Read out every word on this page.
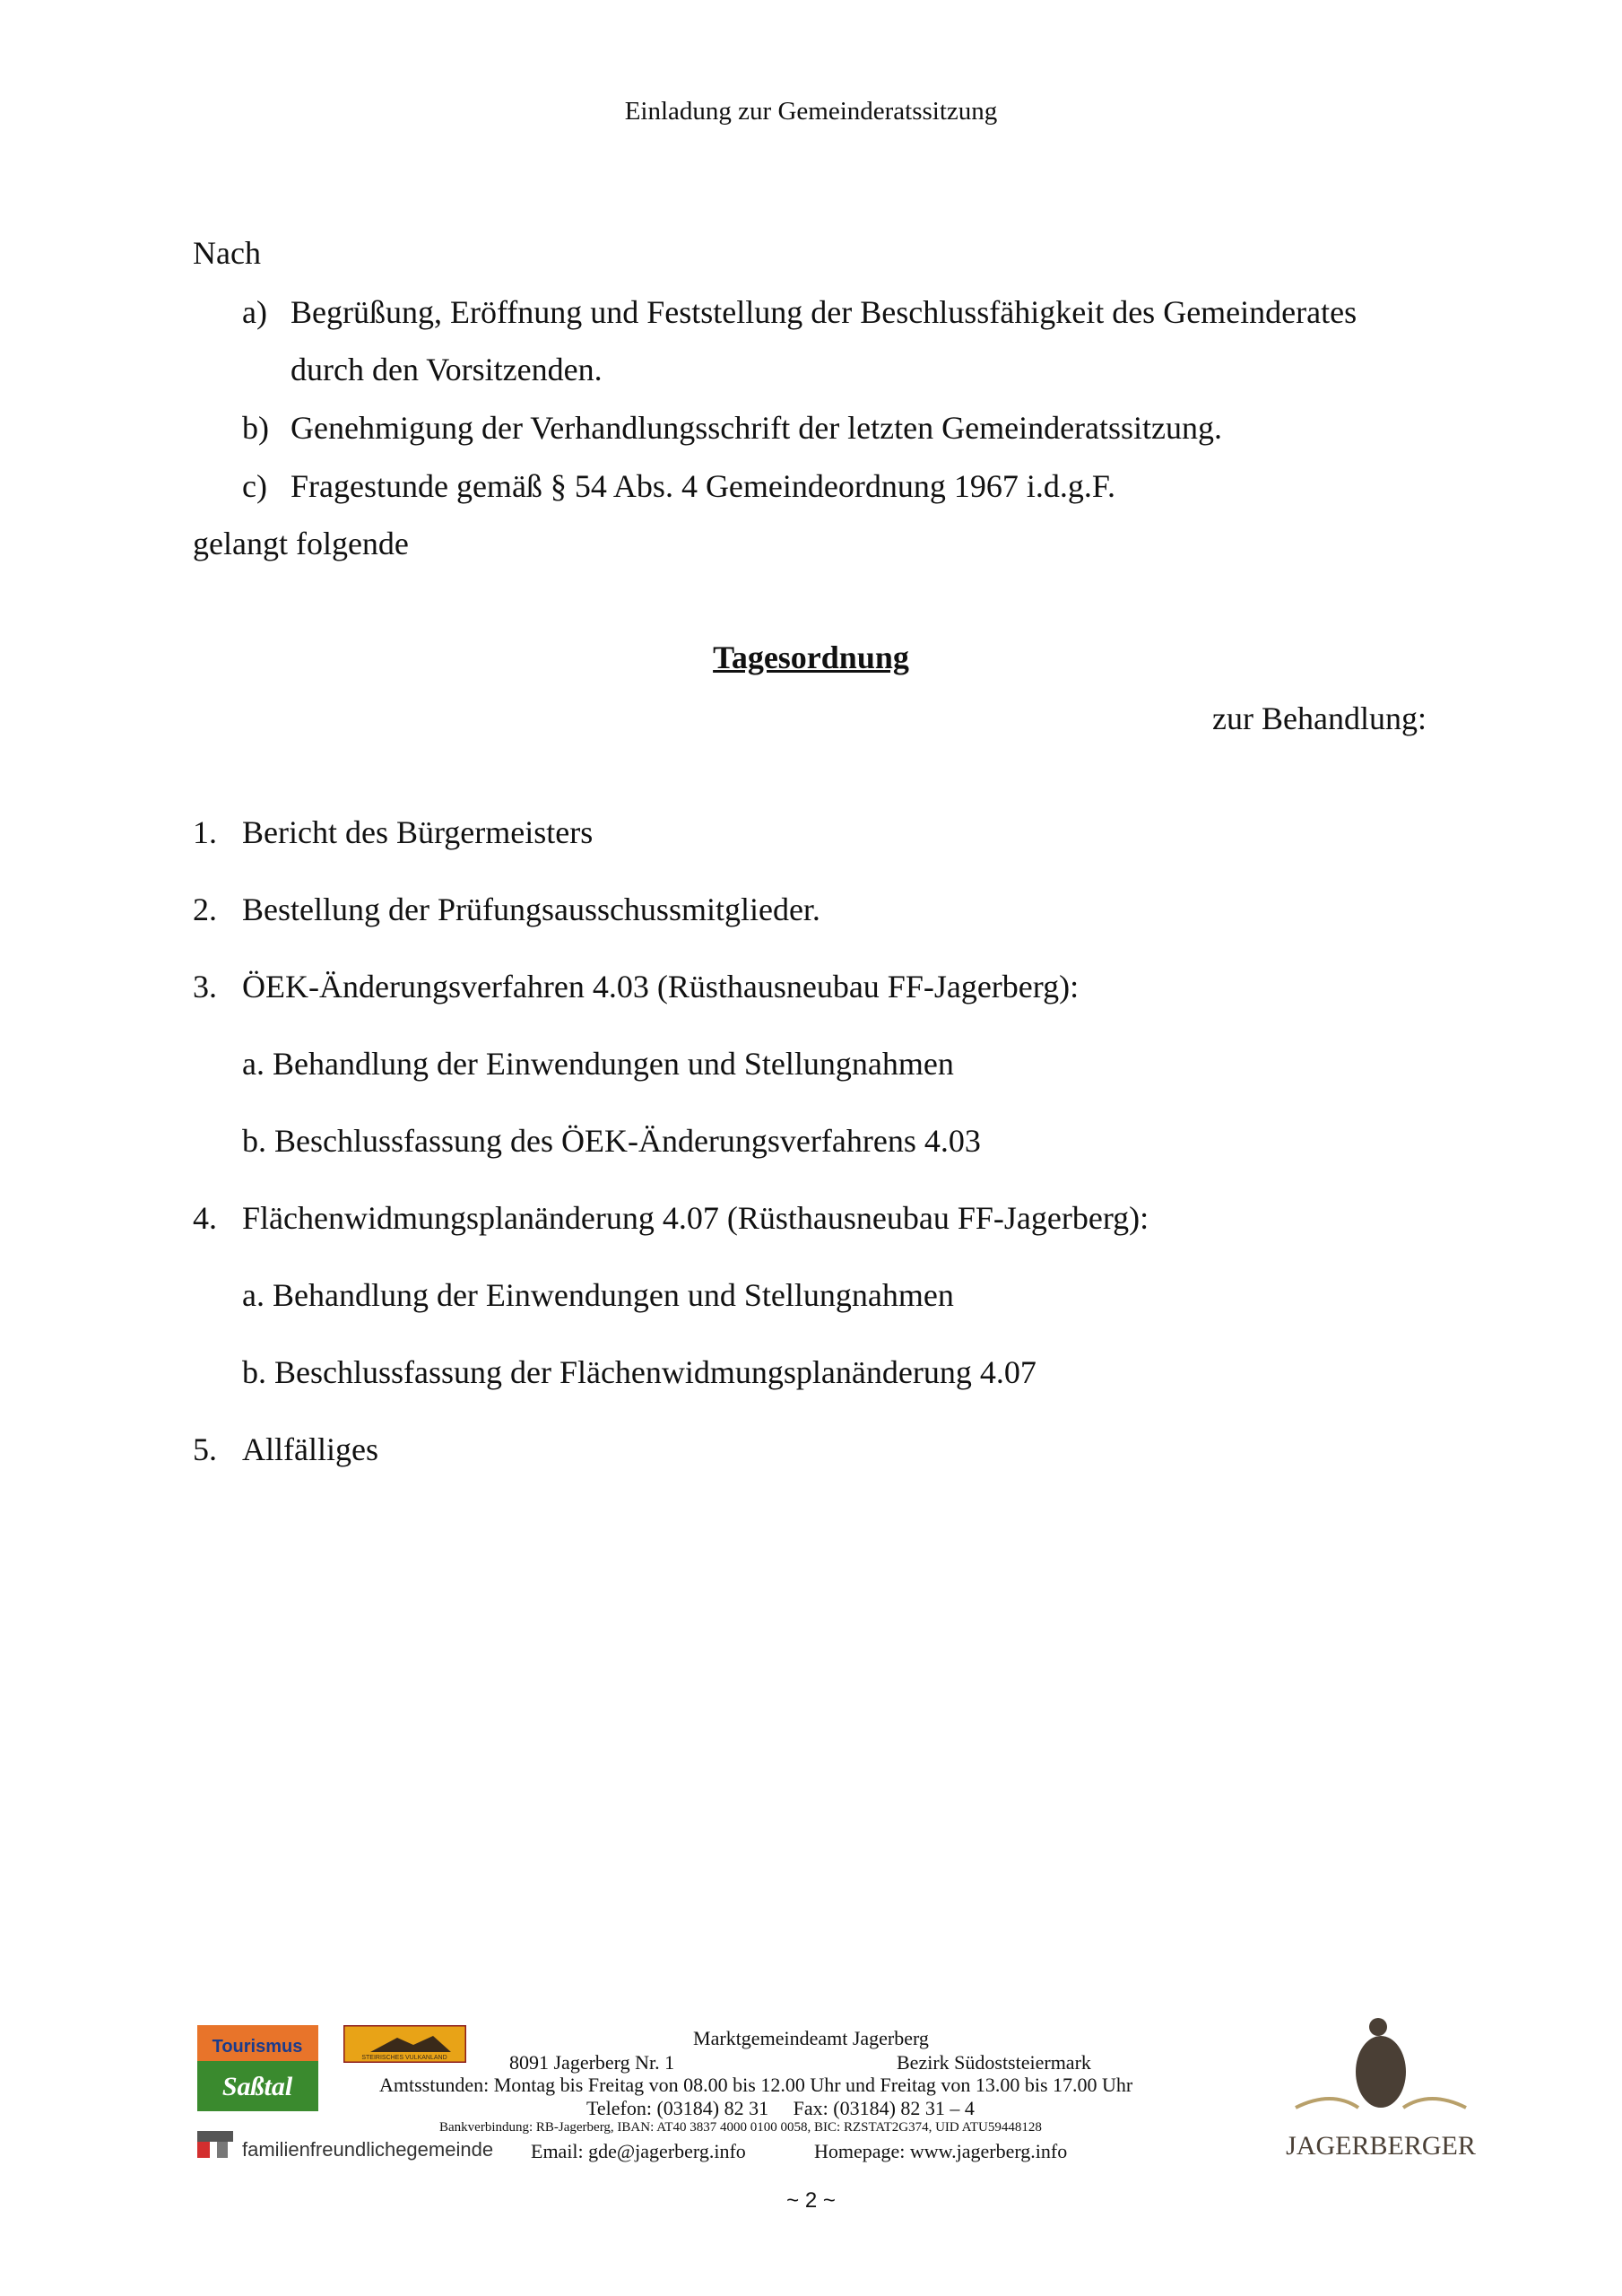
Einladung zur Gemeinderatssitzung
Nach
a) Begrüßung, Eröffnung und Feststellung der Beschlussfähigkeit des Gemeinderates
durch den Vorsitzenden.
b) Genehmigung der Verhandlungsschrift der letzten Gemeinderatssitzung.
c) Fragestunde gemäß § 54 Abs. 4 Gemeindeordnung 1967 i.d.g.F.
gelangt folgende
Tagesordnung
zur Behandlung:
1. Bericht des Bürgermeisters
2. Bestellung der Prüfungsausschussmitglieder.
3. ÖEK-Änderungsverfahren 4.03 (Rüsthausneubau FF-Jagerberg):
a. Behandlung der Einwendungen und Stellungnahmen
b. Beschlussfassung des ÖEK-Änderungsverfahrens 4.03
4. Flächenwidmungsplanänderung 4.07 (Rüsthausneubau FF-Jagerberg):
a. Behandlung der Einwendungen und Stellungnahmen
b. Beschlussfassung der Flächenwidmungsplanänderung 4.07
5. Allfälliges
Tourismus
Saßtal
STEIRISCHES VULKANLAND
familienfreundlichegemeinde	JAGERBERGER
Marktgemeindeamt Jagerberg
8091 Jagerberg Nr. 1	Bezirk Südoststeiermark
Amtsstunden: Montag bis Freitag von 08.00 bis 12.00 Uhr und Freitag von 13.00 bis 17.00 Uhr
Telefon: (03184) 82 31     Fax: (03184) 82 31 – 4
Bankverbindung: RB-Jagerberg, IBAN: AT40 3837 4000 0100 0058, BIC: RZSTAT2G374, UID ATU59448128
Email: gde@jagerberg.info	Homepage: www.jagerberg.info
~ 2 ~
